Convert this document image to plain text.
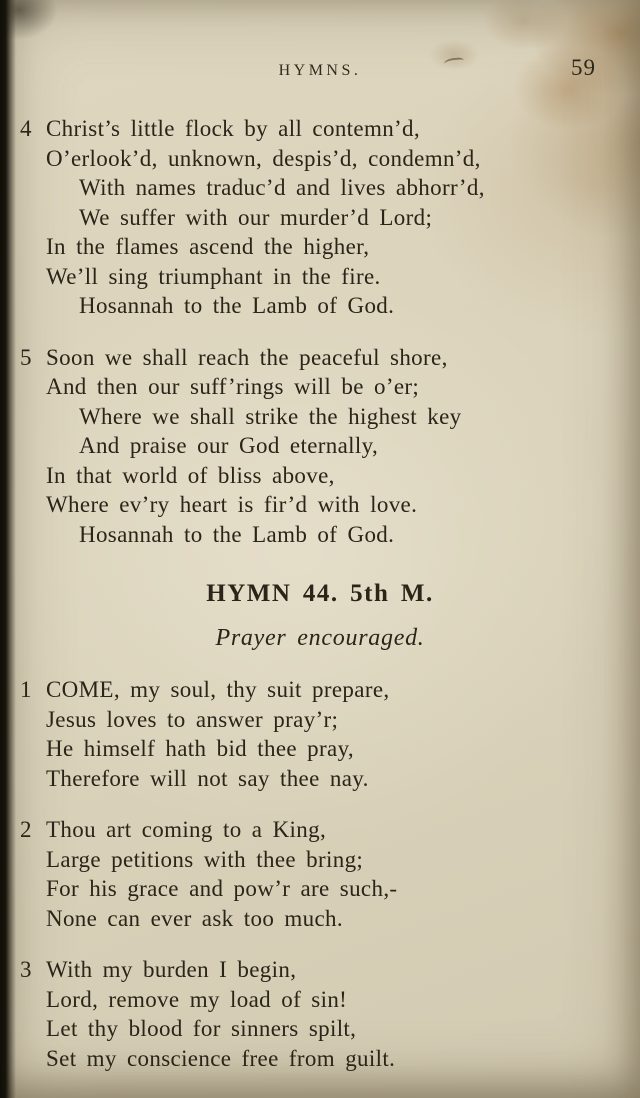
HYMNS.	59
4 Christ’s little flock by all contemn’d,
O’erlook’d, unknown, despis’d, condemn’d,
With names traduc’d and lives abhorr’d,
We suffer with our murder’d Lord;
In the flames ascend the higher,
We’ll sing triumphant in the fire.
Hosannah to the Lamb of God.
5 Soon we shall reach the peaceful shore,
And then our suff’rings will be o’er;
Where we shall strike the highest key
And praise our God eternally,
In that world of bliss above,
Where ev’ry heart is fir’d with love.
Hosannah to the Lamb of God.
HYMN 44. 5th M.
Prayer encouraged.
1 COME, my soul, thy suit prepare,
Jesus loves to answer pray’r;
He himself hath bid thee pray,
Therefore will not say thee nay.
2 Thou art coming to a King,
Large petitions with thee bring;
For his grace and pow’r are such,-
None can ever ask too much.
3 With my burden I begin,
Lord, remove my load of sin!
Let thy blood for sinners spilt,
Set my conscience free from guilt.
